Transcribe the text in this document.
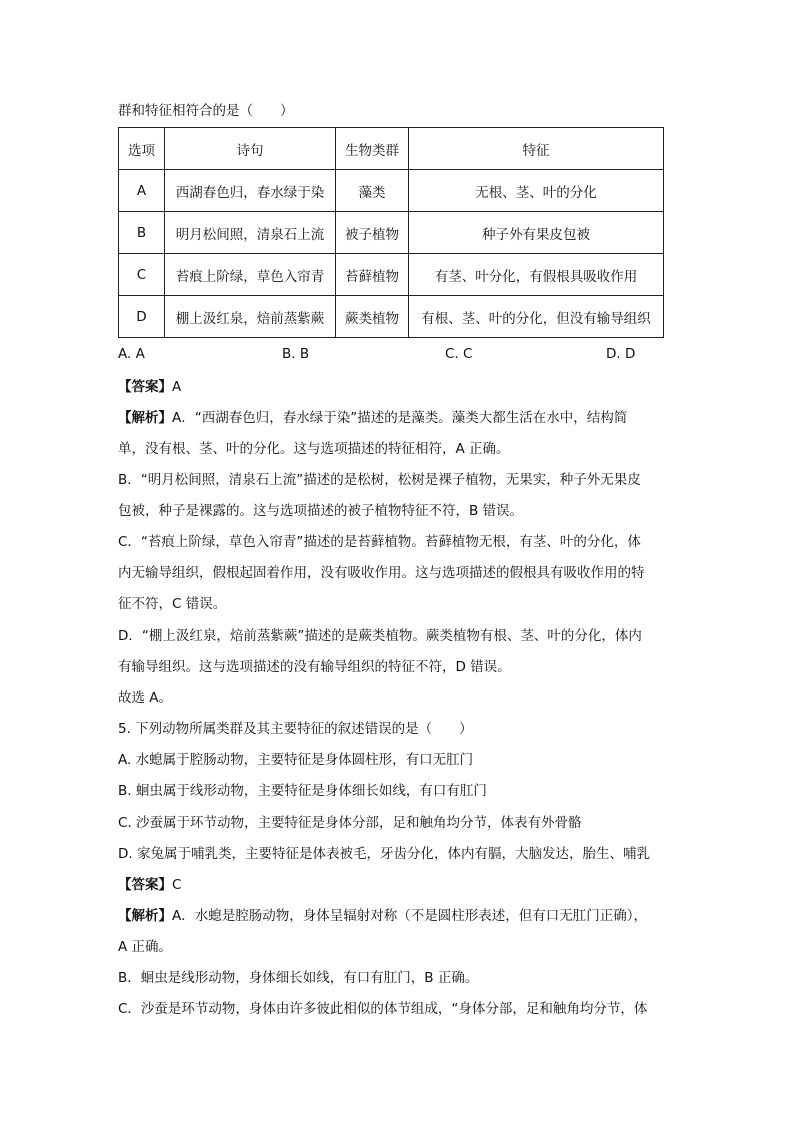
群和特征相符合的是（　　）
选项	诗句	生物类群	特征
A	西湖春色归，春水绿于染	藻类	无根、茎、叶的分化
B	明月松间照，清泉石上流	被子植物	种子外有果皮包被
C	苔痕上阶绿，草色入帘青	苔藓植物	有茎、叶分化，有假根具吸收作用
D	棚上汲红泉，焙前蒸紫蕨	蕨类植物	有根、茎、叶的分化，但没有输导组织
A. A	B. B	C. C	D. D
【答案】A
【解析】A．“西湖春色归，春水绿于染”描述的是藻类。藻类大都生活在水中，结构简
单，没有根、茎、叶的分化。这与选项描述的特征相符，A 正确。
B．“明月松间照，清泉石上流”描述的是松树，松树是裸子植物，无果实，种子外无果皮
包被，种子是裸露的。这与选项描述的被子植物特征不符，B 错误。
C．“苔痕上阶绿，草色入帘青”描述的是苔藓植物。苔藓植物无根，有茎、叶的分化，体
内无输导组织，假根起固着作用，没有吸收作用。这与选项描述的假根具有吸收作用的特
征不符，C 错误。
D．“棚上汲红泉，焙前蒸紫蕨”描述的是蕨类植物。蕨类植物有根、茎、叶的分化，体内
有输导组织。这与选项描述的没有输导组织的特征不符，D 错误。
故选 A。
5. 下列动物所属类群及其主要特征的叙述错误的是（　　）
A. 水螅属于腔肠动物，主要特征是身体圆柱形，有口无肛门
B. 蛔虫属于线形动物，主要特征是身体细长如线，有口有肛门
C. 沙蚕属于环节动物，主要特征是身体分部，足和触角均分节，体表有外骨骼
D. 家兔属于哺乳类，主要特征是体表被毛，牙齿分化，体内有膈，大脑发达，胎生、哺乳
【答案】C
【解析】A．水螅是腔肠动物，身体呈辐射对称（不是圆柱形表述，但有口无肛门正确），
A 正确。
B．蛔虫是线形动物，身体细长如线，有口有肛门，B 正确。
C．沙蚕是环节动物，身体由许多彼此相似的体节组成，“身体分部，足和触角均分节，体
